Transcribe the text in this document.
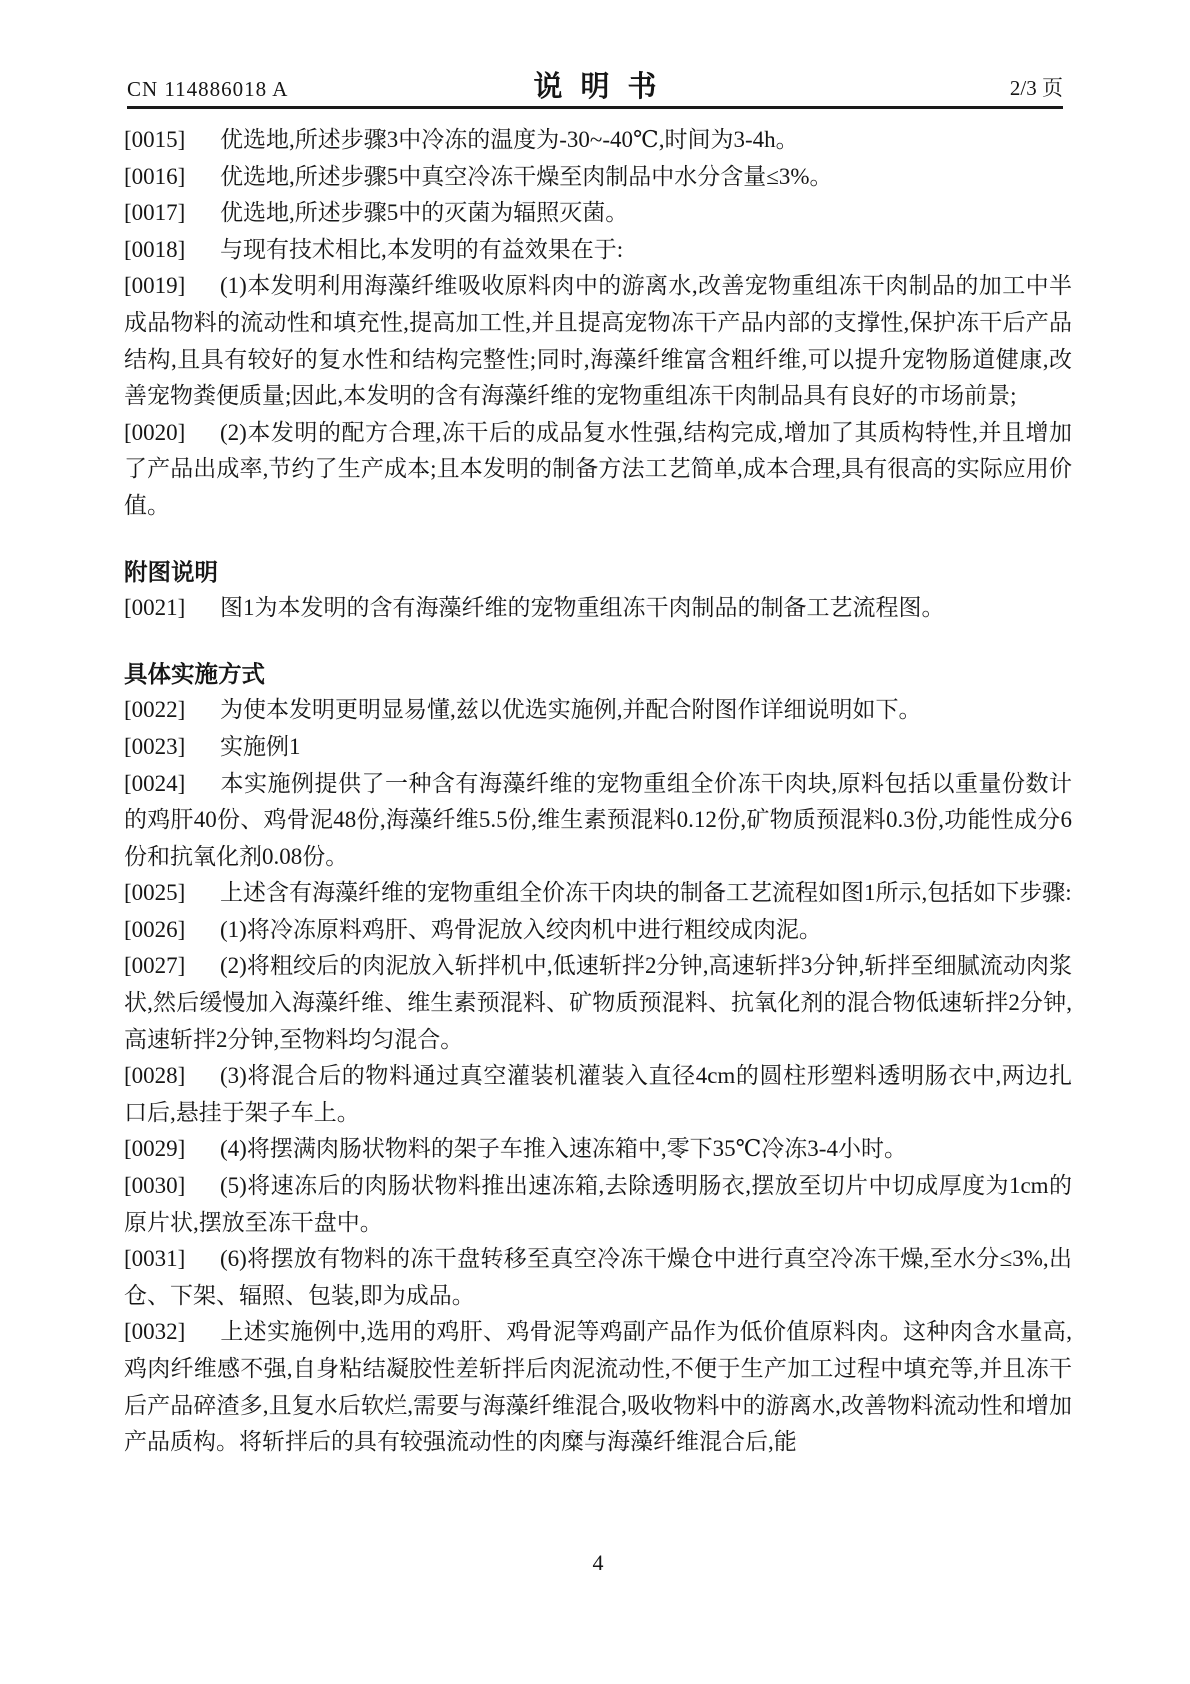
CN 114886018 A	说明书	2/3 页

[0015] 优选地,所述步骤3中冷冻的温度为-30~-40℃,时间为3-4h。

[0016] 优选地,所述步骤5中真空冷冻干燥至肉制品中水分含量≤3%。

[0017] 优选地,所述步骤5中的灭菌为辐照灭菌。

[0018] 与现有技术相比,本发明的有益效果在于:

[0019] (1)本发明利用海藻纤维吸收原料肉中的游离水,改善宠物重组冻干肉制品的加工中半成品物料的流动性和填充性,提高加工性,并且提高宠物冻干产品内部的支撑性,保护冻干后产品结构,且具有较好的复水性和结构完整性;同时,海藻纤维富含粗纤维,可以提升宠物肠道健康,改善宠物粪便质量;因此,本发明的含有海藻纤维的宠物重组冻干肉制品具有良好的市场前景;

[0020] (2)本发明的配方合理,冻干后的成品复水性强,结构完成,增加了其质构特性,并且增加了产品出成率,节约了生产成本;且本发明的制备方法工艺简单,成本合理,具有很高的实际应用价值。

附图说明

[0021] 图1为本发明的含有海藻纤维的宠物重组冻干肉制品的制备工艺流程图。

具体实施方式

[0022] 为使本发明更明显易懂,兹以优选实施例,并配合附图作详细说明如下。

[0023] 实施例1

[0024] 本实施例提供了一种含有海藻纤维的宠物重组全价冻干肉块,原料包括以重量份数计的鸡肝40份、鸡骨泥48份,海藻纤维5.5份,维生素预混料0.12份,矿物质预混料0.3份,功能性成分6份和抗氧化剂0.08份。

[0025] 上述含有海藻纤维的宠物重组全价冻干肉块的制备工艺流程如图1所示,包括如下步骤:

[0026] (1)将冷冻原料鸡肝、鸡骨泥放入绞肉机中进行粗绞成肉泥。

[0027] (2)将粗绞后的肉泥放入斩拌机中,低速斩拌2分钟,高速斩拌3分钟,斩拌至细腻流动肉浆状,然后缓慢加入海藻纤维、维生素预混料、矿物质预混料、抗氧化剂的混合物低速斩拌2分钟,高速斩拌2分钟,至物料均匀混合。

[0028] (3)将混合后的物料通过真空灌装机灌装入直径4cm的圆柱形塑料透明肠衣中,两边扎口后,悬挂于架子车上。

[0029] (4)将摆满肉肠状物料的架子车推入速冻箱中,零下35℃冷冻3-4小时。

[0030] (5)将速冻后的肉肠状物料推出速冻箱,去除透明肠衣,摆放至切片中切成厚度为1cm的原片状,摆放至冻干盘中。

[0031] (6)将摆放有物料的冻干盘转移至真空冷冻干燥仓中进行真空冷冻干燥,至水分≤3%,出仓、下架、辐照、包装,即为成品。

[0032] 上述实施例中,选用的鸡肝、鸡骨泥等鸡副产品作为低价值原料肉。这种肉含水量高,鸡肉纤维感不强,自身粘结凝胶性差斩拌后肉泥流动性,不便于生产加工过程中填充等,并且冻干后产品碎渣多,且复水后软烂,需要与海藻纤维混合,吸收物料中的游离水,改善物料流动性和增加产品质构。将斩拌后的具有较强流动性的肉糜与海藻纤维混合后,能

4
